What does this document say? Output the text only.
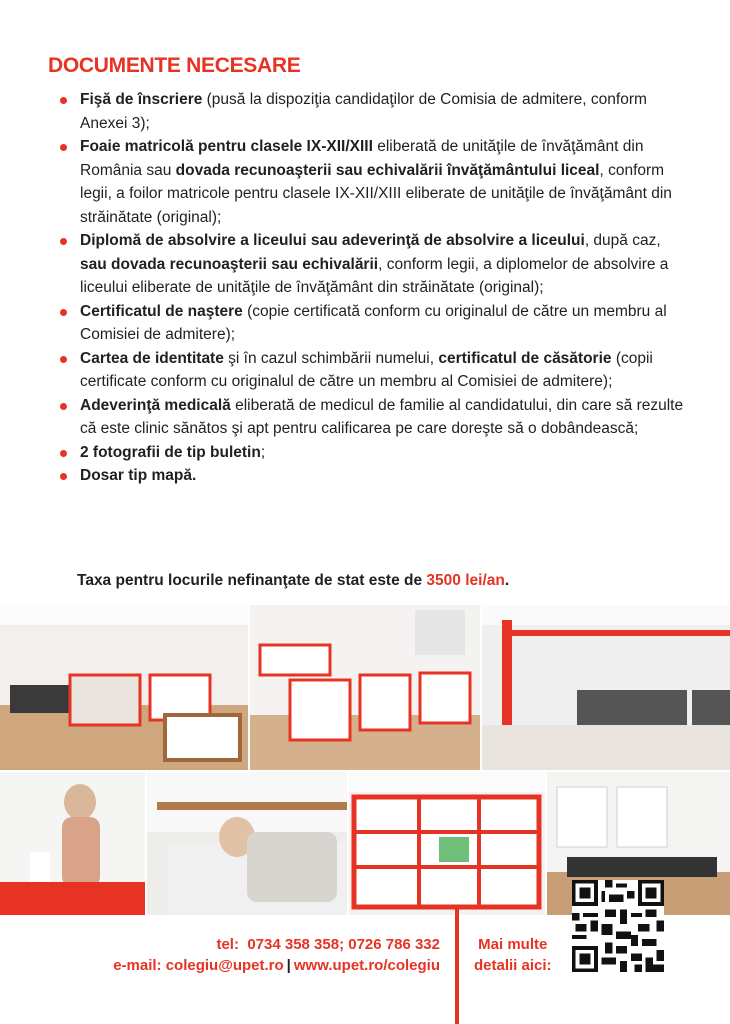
DOCUMENTE NECESARE
Fişă de înscriere (pusă la dispoziţia candidaţilor de Comisia de admitere, conform Anexei 3);
Foaie matricolă pentru clasele IX-XII/XIII eliberată de unităţile de învăţământ din România sau dovada recunoaşterii sau echivalării învăţământului liceal, conform legii, a foilor matricole pentru clasele IX-XII/XIII eliberate de unităţile de învăţământ din străinătate (original);
Diplomă de absolvire a liceului sau adeverinţă de absolvire a liceului, după caz, sau dovada recunoaşterii sau echivalării, conform legii, a diplomelor de absolvire a liceului eliberate de unităţile de învăţământ din străinătate (original);
Certificatul de naştere (copie certificată conform cu originalul de către un membru al Comisiei de admitere);
Cartea de identitate şi în cazul schimbării numelui, certificatul de căsătorie (copii certificate conform cu originalul de către un membru al Comisiei de admitere);
Adeverinţă medicală eliberată de medicul de familie al candidatului, din care să rezulte că este clinic sănătos şi apt pentru calificarea pe care doreşte să o dobândească;
2 fotografii de tip buletin;
Dosar tip mapă.

Taxa pentru locurile nefinanţate de stat este de 3500 lei/an.

tel: 0734 358 358; 0726 786 332
e-mail: colegiu@upet.ro | www.upet.ro/colegiu
Mai multe
detalii aici:
